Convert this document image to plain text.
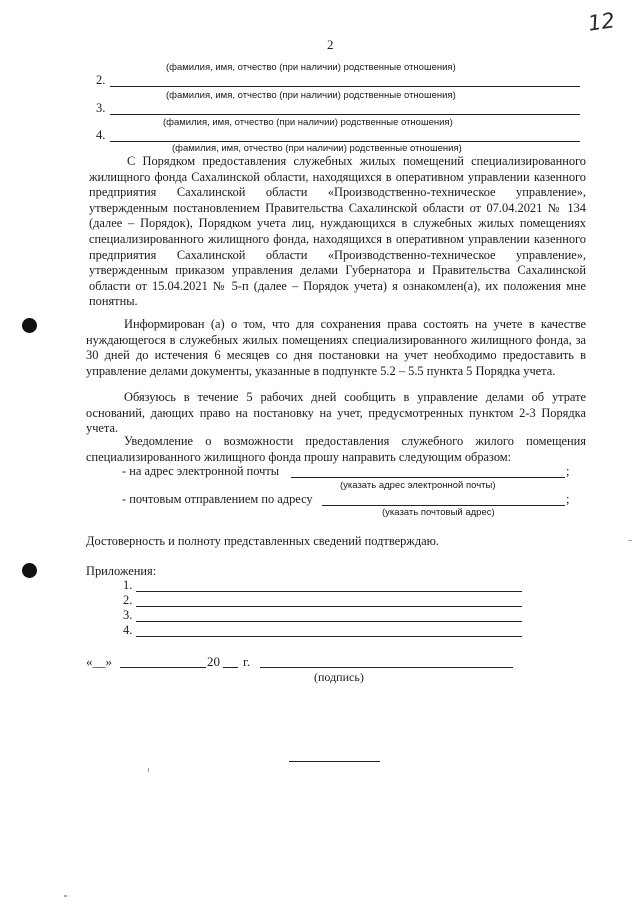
12
2
(фамилия, имя, отчество (при наличии) родственные отношения)
2.
(фамилия, имя, отчество (при наличии) родственные отношения)
3.
(фамилия, имя, отчество (при наличии) родственные отношения)
4.
(фамилия, имя, отчество (при наличии) родственные отношения)
С Порядком предоставления служебных жилых помещений специализированного жилищного фонда Сахалинской области, находящихся в оперативном управлении казенного предприятия Сахалинской области «Производственно-техническое управление», утвержденным постановлением Правительства Сахалинской области от 07.04.2021 № 134 (далее – Порядок), Порядком учета лиц, нуждающихся в служебных жилых помещениях специализированного жилищного фонда, находящихся в оперативном управлении казенного предприятия Сахалинской области «Производственно-техническое управление», утвержденным приказом управления делами Губернатора и Правительства Сахалинской области от 15.04.2021 № 5-п (далее – Порядок учета) я ознакомлен(а), их положения мне понятны.
Информирован (а) о том, что для сохранения права состоять на учете в качестве нуждающегося в служебных жилых помещениях специализированного жилищного фонда, за 30 дней до истечения 6 месяцев со дня постановки на учет необходимо предоставить в управление делами документы, указанные в подпункте 5.2 – 5.5 пункта 5 Порядка учета.
Обязуюсь в течение 5 рабочих дней сообщить в управление делами об утрате оснований, дающих право на постановку на учет, предусмотренных пунктом 2-3 Порядка учета.
Уведомление о возможности предоставления служебного жилого помещения специализированного жилищного фонда прошу направить следующим образом:
- на адрес электронной почты	;
(указать адрес электронной почты)
- почтовым отправлением по адресу	;
(указать почтовый адрес)
Достоверность и полноту представленных сведений подтверждаю.
Приложения:
1.
2.
3.
4.
«__»	20 г.
(подпись)
